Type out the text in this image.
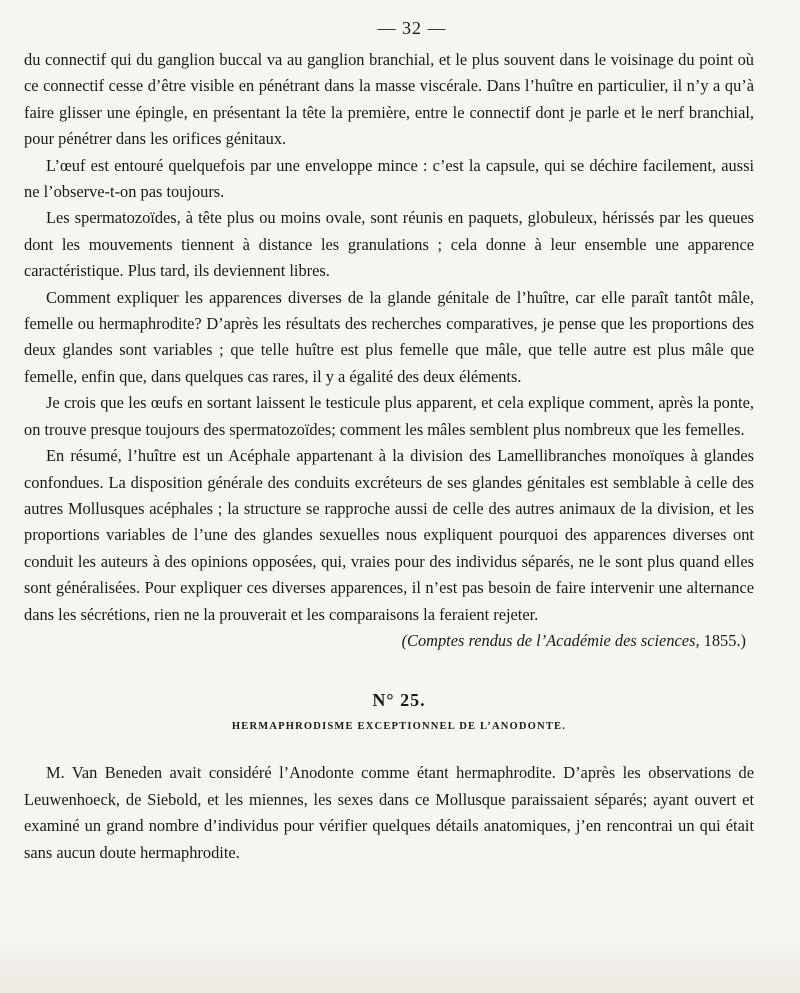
— 32 —

du connectif qui du ganglion buccal va au ganglion branchial, et le plus souvent dans le voisinage du point où ce connectif cesse d’être visible en pénétrant dans la masse viscérale. Dans l’huître en particulier, il n’y a qu’à faire glisser une épingle, en présentant la tête la première, entre le connectif dont je parle et le nerf branchial, pour pénétrer dans les orifices génitaux.

L’œuf est entouré quelquefois par une enveloppe mince : c’est la capsule, qui se déchire facilement, aussi ne l’observe-t-on pas toujours.

Les spermatozoïdes, à tête plus ou moins ovale, sont réunis en paquets, globuleux, hérissés par les queues dont les mouvements tiennent à distance les granulations ; cela donne à leur ensemble une apparence caractéristique. Plus tard, ils deviennent libres.

Comment expliquer les apparences diverses de la glande génitale de l’huître, car elle paraît tantôt mâle, femelle ou hermaphrodite? D’après les résultats des recherches comparatives, je pense que les proportions des deux glandes sont variables ; que telle huître est plus femelle que mâle, que telle autre est plus mâle que femelle, enfin que, dans quelques cas rares, il y a égalité des deux éléments.

Je crois que les œufs en sortant laissent le testicule plus apparent, et cela explique comment, après la ponte, on trouve presque toujours des spermatozoïdes; comment les mâles semblent plus nombreux que les femelles.

En résumé, l’huître est un Acéphale appartenant à la division des Lamellibranches monoïques à glandes confondues. La disposition générale des conduits excréteurs de ses glandes génitales est semblable à celle des autres Mollusques acéphales ; la structure se rapproche aussi de celle des autres animaux de la division, et les proportions variables de l’une des glandes sexuelles nous expliquent pourquoi des apparences diverses ont conduit les auteurs à des opinions opposées, qui, vraies pour des individus séparés, ne le sont plus quand elles sont généralisées. Pour expliquer ces diverses apparences, il n’est pas besoin de faire intervenir une alternance dans les sécrétions, rien ne la prouverait et les comparaisons la feraient rejeter.

(Comptes rendus de l’Académie des sciences, 1855.)

N° 25.
HERMAPHRODISME EXCEPTIONNEL DE L’ANODONTE.

M. Van Beneden avait considéré l’Anodonte comme étant hermaphrodite. D’après les observations de Leuwenhoeck, de Siebold, et les miennes, les sexes dans ce Mollusque paraissaient séparés; ayant ouvert et examiné un grand nombre d’individus pour vérifier quelques détails anatomiques, j’en rencontrai un qui était sans aucun doute hermaphrodite.
